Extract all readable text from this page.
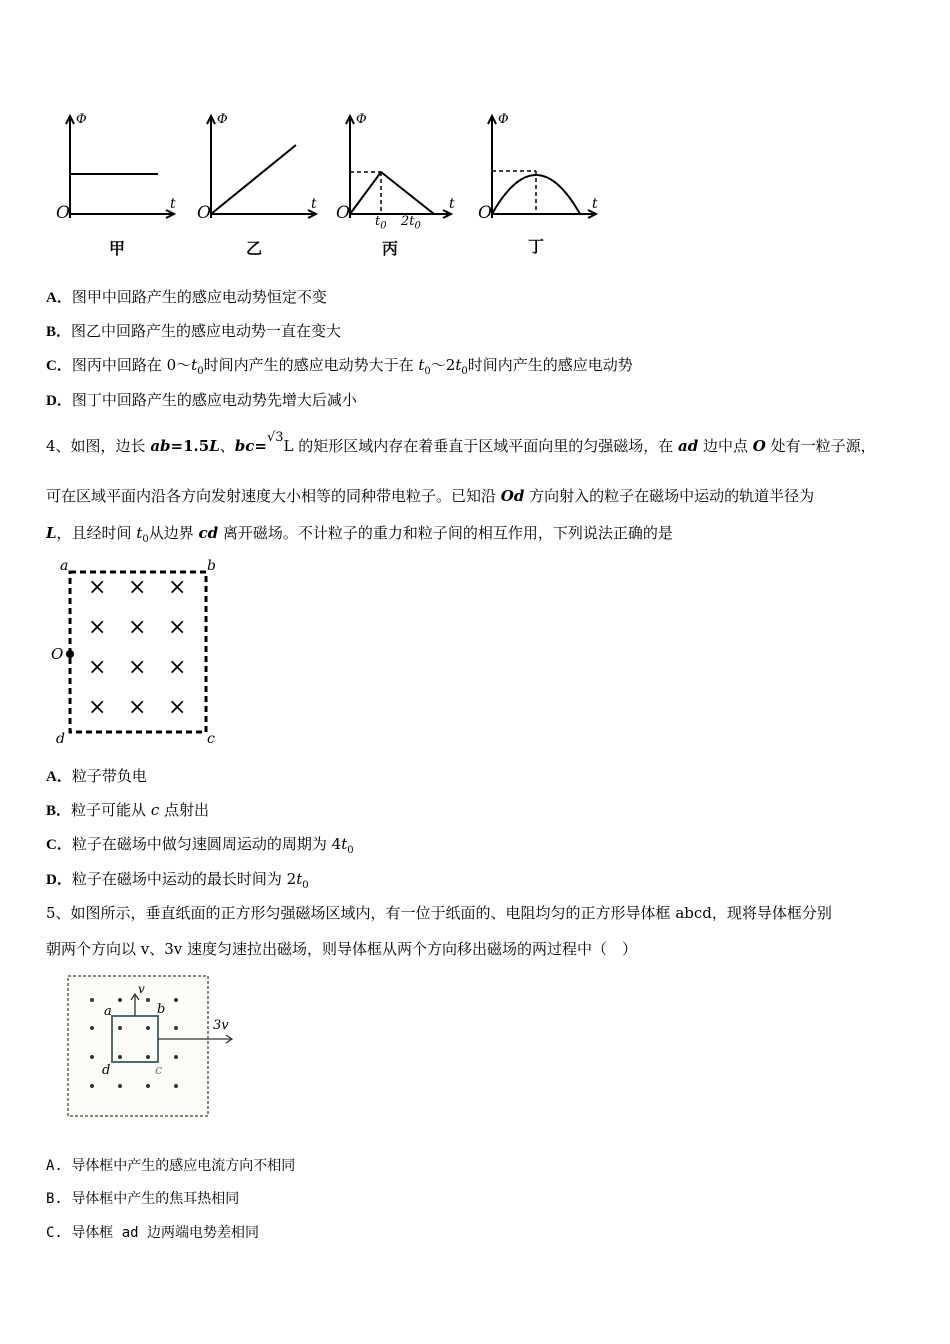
Φ	Φ	Φ	Φ
O	O	O	O
t	t	t	t
$t_0$ $2t_0$
甲	乙	丙	丁
A．图甲中回路产生的感应电动势恒定不变
B．图乙中回路产生的感应电动势一直在变大
C．图丙中回路在 $0\sim t_0$时间内产生的感应电动势大于在 $t_0\sim 2t_0$时间内产生的感应电动势
D．图丁中回路产生的感应电动势先增大后减小
4、如图，边长 ab=1.5L、bc=√3L 的矩形区域内存在着垂直于区域平面向里的匀强磁场，在 ad 边中点 O 处有一粒子源，
可在区域平面内沿各方向发射速度大小相等的同种带电粒子。已知沿 Od 方向射入的粒子在磁场中运动的轨道半径为
L，且经时间 $t_0$从边界 cd 离开磁场。不计粒子的重力和粒子间的相互作用，下列说法正确的是
a	b
c
d
O
× × ×
× × ×
× × ×
× × ×
A．粒子带负电
B．粒子可能从 c 点射出
C．粒子在磁场中做匀速圆周运动的周期为 $4t_0$
D．粒子在磁场中运动的最长时间为 $2t_0$
5、如图所示，垂直纸面的正方形匀强磁场区域内，有一位于纸面的、电阻均匀的正方形导体框 abcd，现将导体框分别
朝两个方向以 v、3v 速度匀速拉出磁场，则导体框从两个方向移出磁场的两过程中（　）
v
3v
a	b
c
d
A. 导体框中产生的感应电流方向不相同
B. 导体框中产生的焦耳热相同
C. 导体框 ad 边两端电势差相同
